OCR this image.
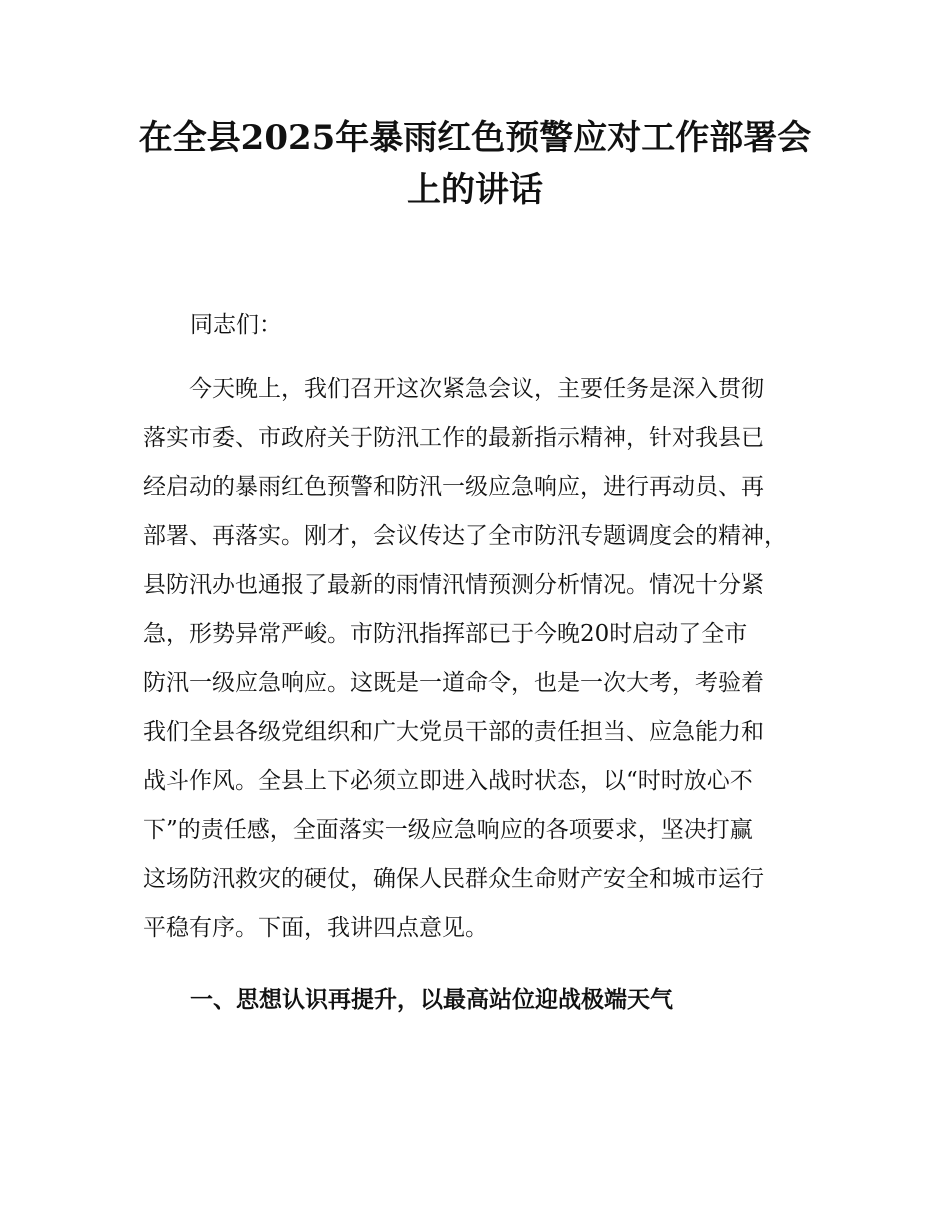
在全县2025年暴雨红色预警应对工作部署会
上的讲话

同志们：

　　今天晚上，我们召开这次紧急会议，主要任务是深入贯彻
落实市委、市政府关于防汛工作的最新指示精神，针对我县已
经启动的暴雨红色预警和防汛一级应急响应，进行再动员、再
部署、再落实。刚才，会议传达了全市防汛专题调度会的精神，
县防汛办也通报了最新的雨情汛情预测分析情况。情况十分紧
急，形势异常严峻。市防汛指挥部已于今晚20时启动了全市
防汛一级应急响应。这既是一道命令，也是一次大考，考验着
我们全县各级党组织和广大党员干部的责任担当、应急能力和
战斗作风。全县上下必须立即进入战时状态，以“时时放心不
下”的责任感，全面落实一级应急响应的各项要求，坚决打赢
这场防汛救灾的硬仗，确保人民群众生命财产安全和城市运行
平稳有序。下面，我讲四点意见。

一、思想认识再提升，以最高站位迎战极端天气
